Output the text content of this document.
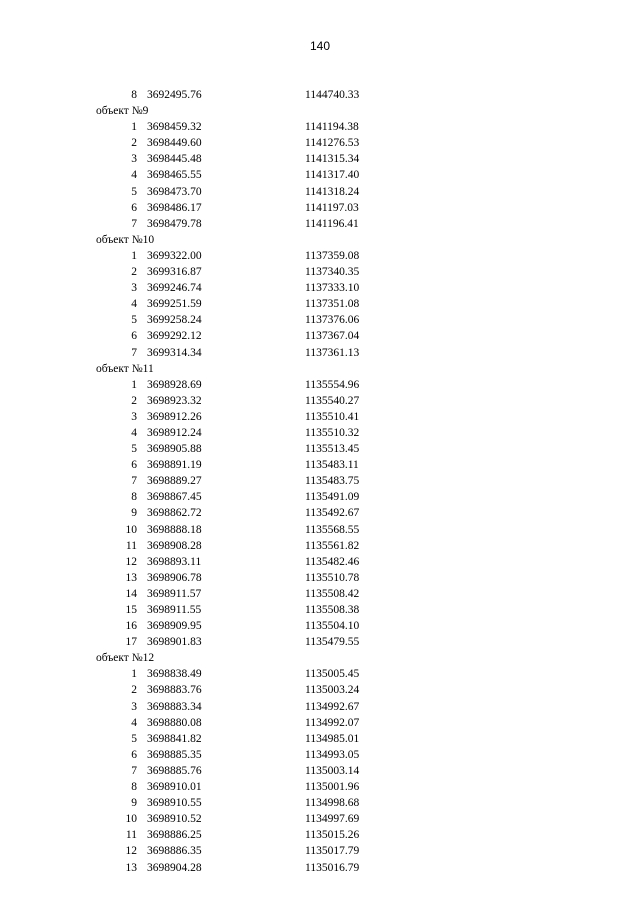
140
8 3692495.76	1144740.33
объект №9
1 3698459.32	1141194.38
2 3698449.60	1141276.53
3 3698445.48	1141315.34
4 3698465.55	1141317.40
5 3698473.70	1141318.24
6 3698486.17	1141197.03
7 3698479.78	1141196.41
объект №10
1 3699322.00	1137359.08
2 3699316.87	1137340.35
3 3699246.74	1137333.10
4 3699251.59	1137351.08
5 3699258.24	1137376.06
6 3699292.12	1137367.04
7 3699314.34	1137361.13
объект №11
1 3698928.69	1135554.96
2 3698923.32	1135540.27
3 3698912.26	1135510.41
4 3698912.24	1135510.32
5 3698905.88	1135513.45
6 3698891.19	1135483.11
7 3698889.27	1135483.75
8 3698867.45	1135491.09
9 3698862.72	1135492.67
10 3698888.18	1135568.55
11 3698908.28	1135561.82
12 3698893.11	1135482.46
13 3698906.78	1135510.78
14 3698911.57	1135508.42
15 3698911.55	1135508.38
16 3698909.95	1135504.10
17 3698901.83	1135479.55
объект №12
1 3698838.49	1135005.45
2 3698883.76	1135003.24
3 3698883.34	1134992.67
4 3698880.08	1134992.07
5 3698841.82	1134985.01
6 3698885.35	1134993.05
7 3698885.76	1135003.14
8 3698910.01	1135001.96
9 3698910.55	1134998.68
10 3698910.52	1134997.69
11 3698886.25	1135015.26
12 3698886.35	1135017.79
13 3698904.28	1135016.79
